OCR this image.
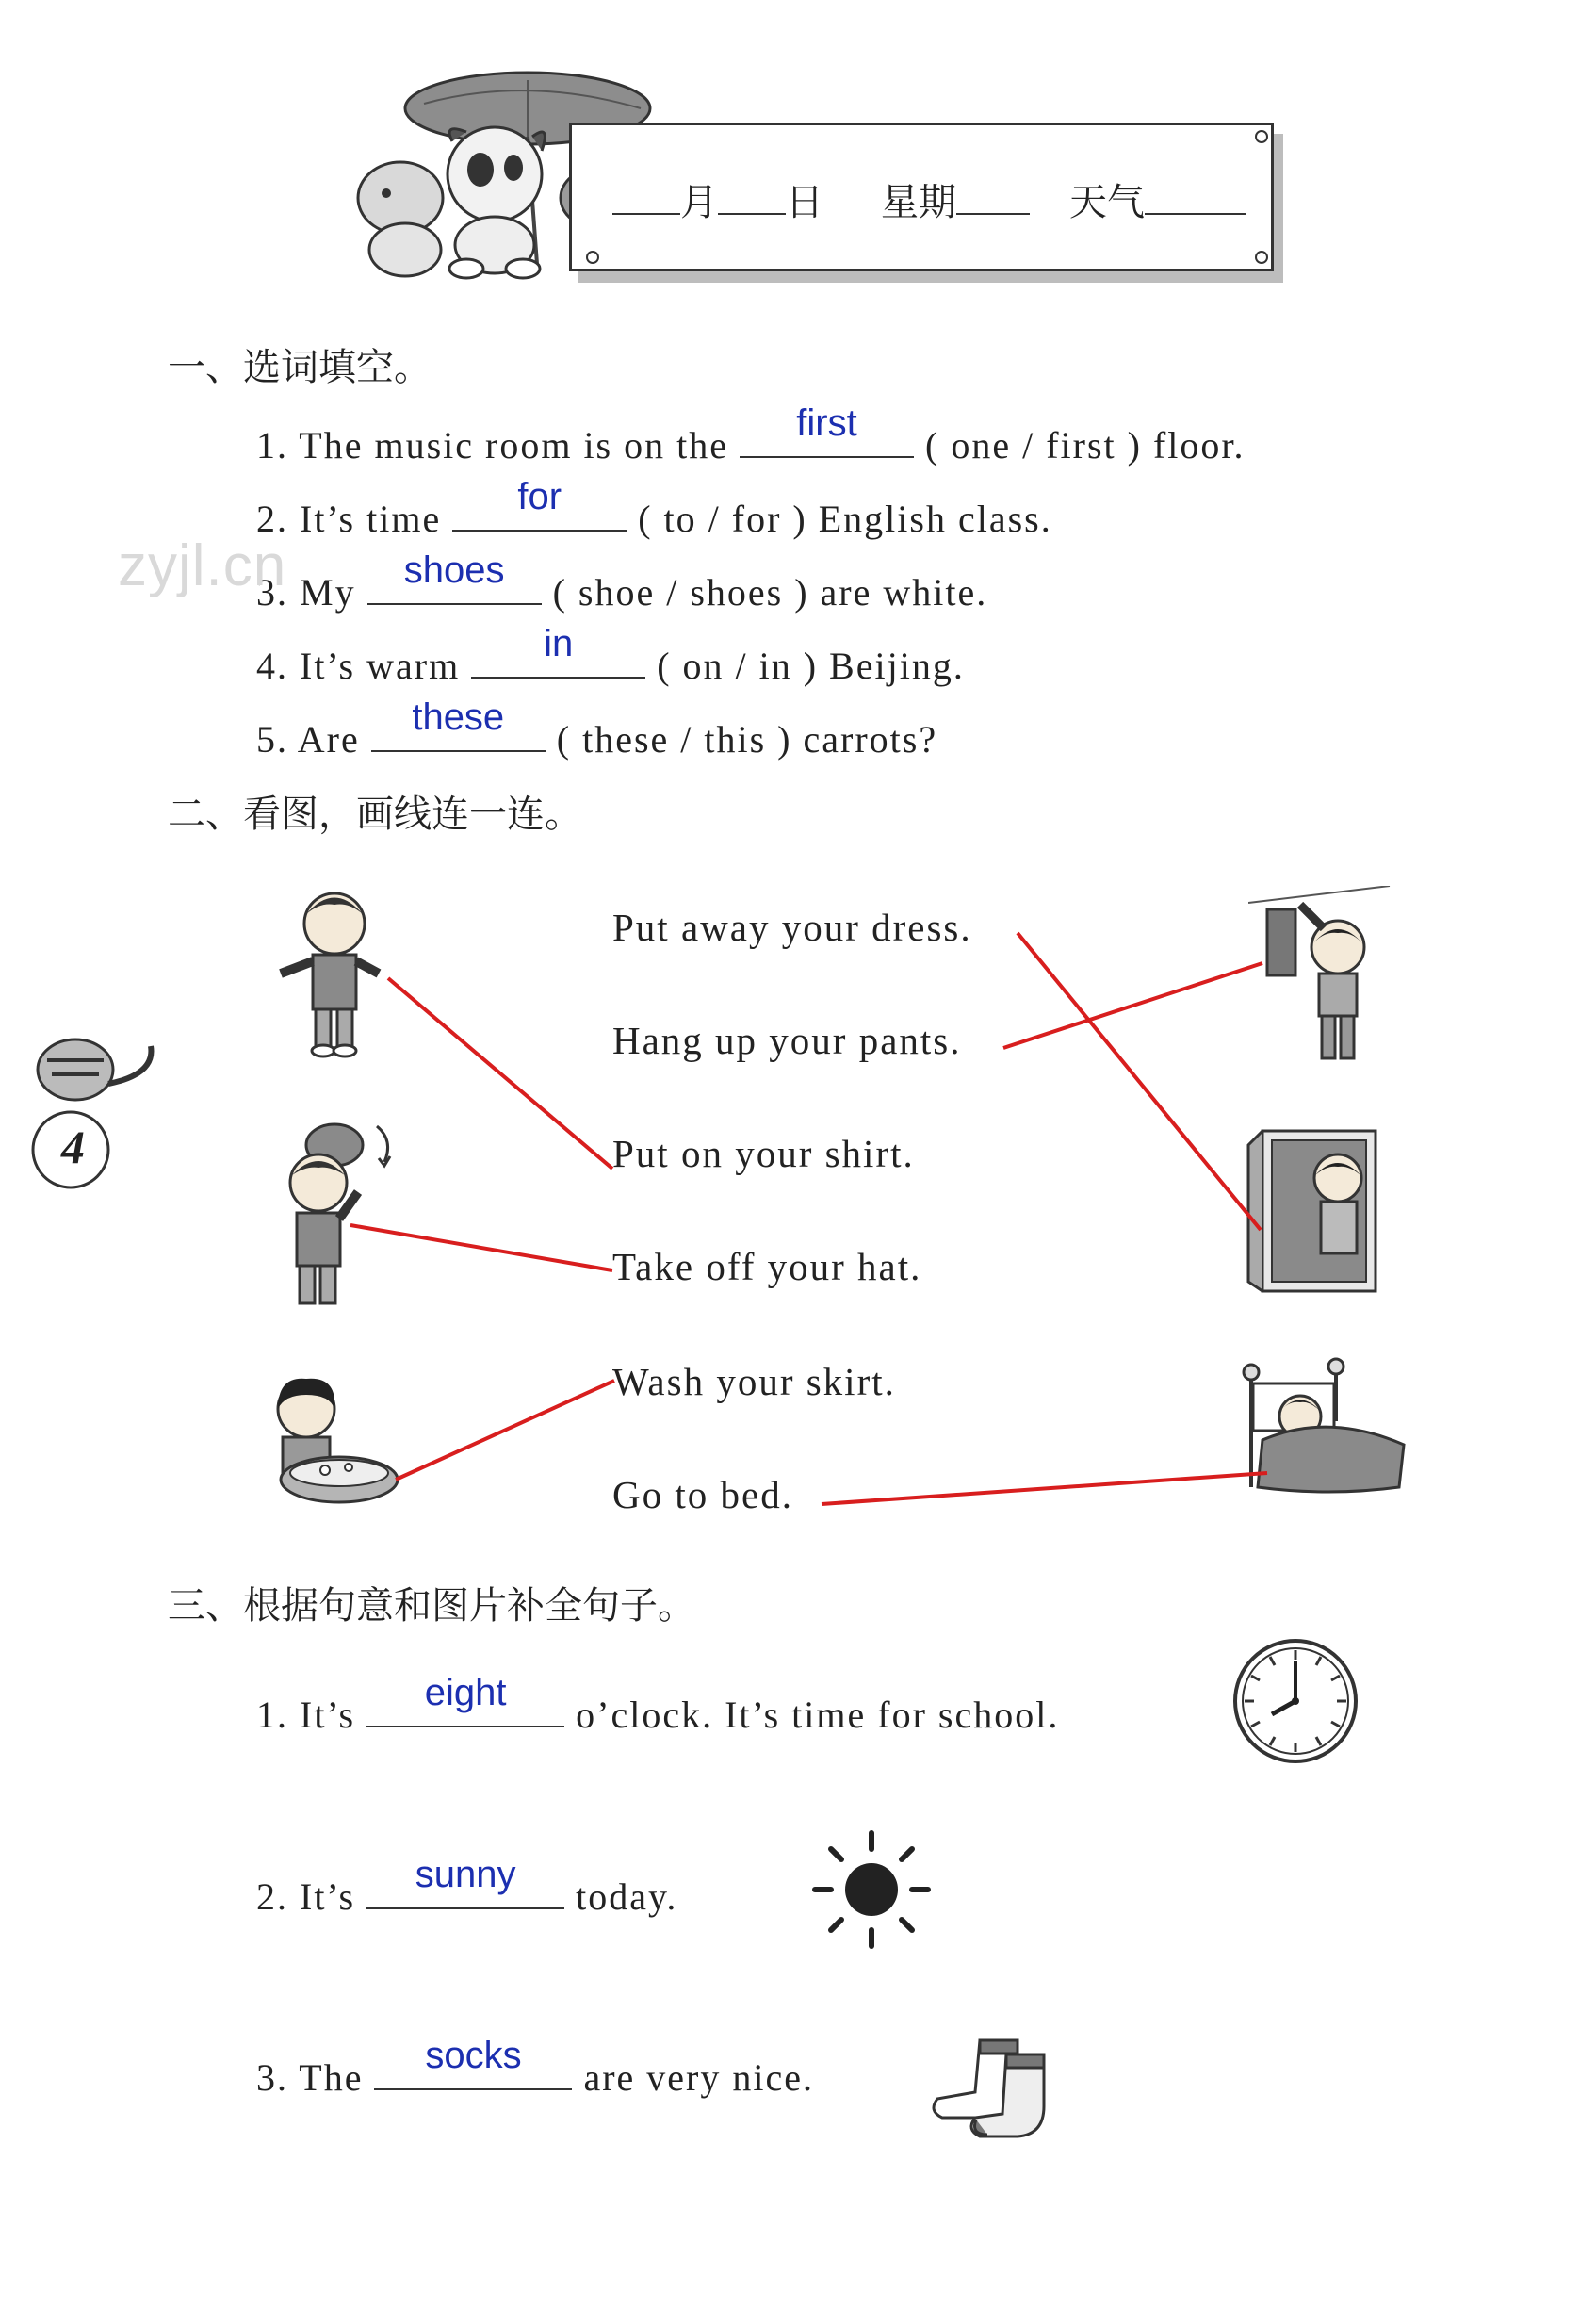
月 日 星期	天气
一、选词填空。
1. The music room is on the
first
( one / first ) floor.
2. It’s time
for
( to / for ) English class.
3. My
shoes
( shoe / shoes ) are white.
4. It’s warm
in
( on / in ) Beijing.
5. Are
these
( these / this ) carrots?
zyjl.cn
二、看图，画线连一连。
Put away your dress.
Hang up your pants.
Put on your shirt.
Take off your hat.
Wash your skirt.
Go to bed.
4
三、根据句意和图片补全句子。
1. It’s
eight
o’clock. It’s time for school.
2. It’s
sunny
today.
3. The
socks
are very nice.
